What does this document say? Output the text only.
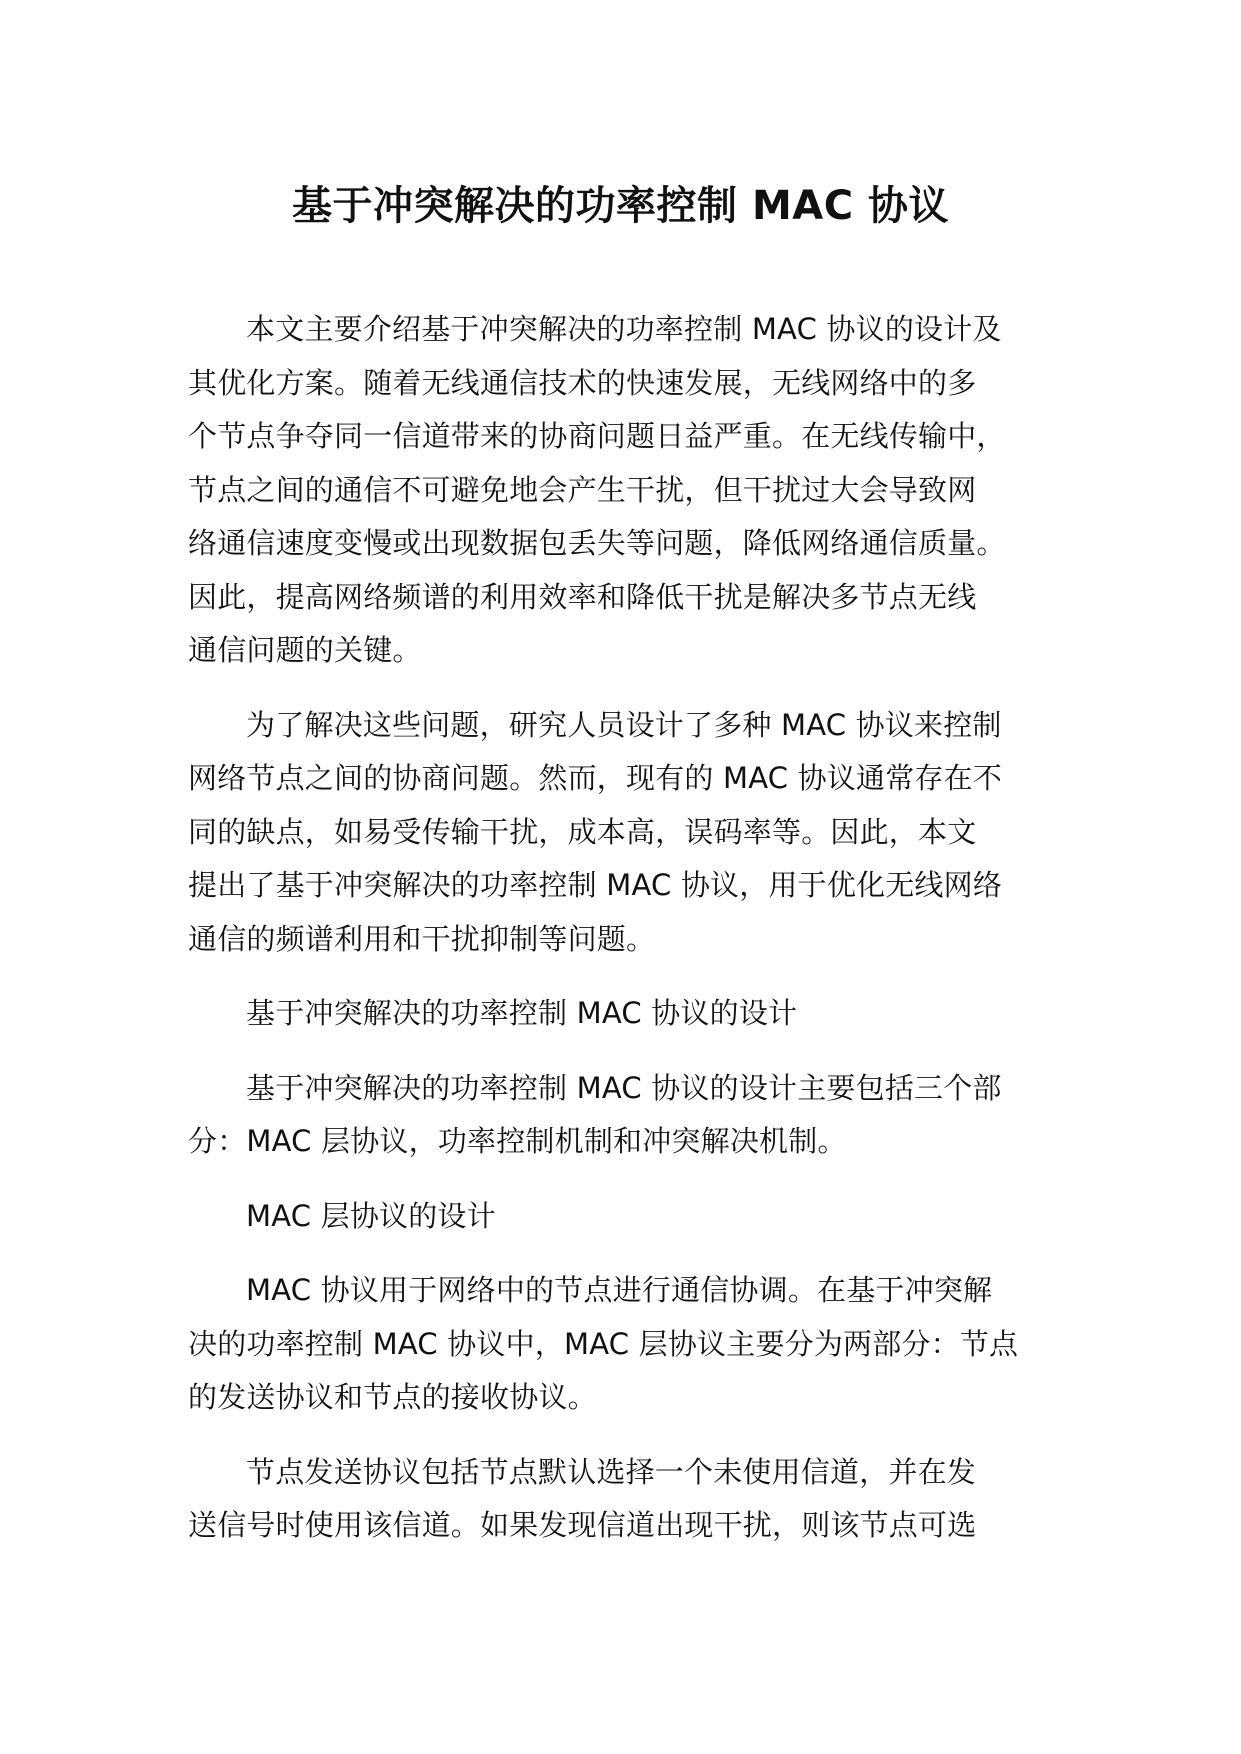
基于冲突解决的功率控制 MAC 协议

本文主要介绍基于冲突解决的功率控制 MAC 协议的设计及
其优化方案。随着无线通信技术的快速发展，无线网络中的多
个节点争夺同一信道带来的协商问题日益严重。在无线传输中，
节点之间的通信不可避免地会产生干扰，但干扰过大会导致网
络通信速度变慢或出现数据包丢失等问题，降低网络通信质量。
因此，提高网络频谱的利用效率和降低干扰是解决多节点无线
通信问题的关键。

为了解决这些问题，研究人员设计了多种 MAC 协议来控制
网络节点之间的协商问题。然而，现有的 MAC 协议通常存在不
同的缺点，如易受传输干扰，成本高，误码率等。因此，本文
提出了基于冲突解决的功率控制 MAC 协议，用于优化无线网络
通信的频谱利用和干扰抑制等问题。

基于冲突解决的功率控制 MAC 协议的设计

基于冲突解决的功率控制 MAC 协议的设计主要包括三个部
分：MAC 层协议，功率控制机制和冲突解决机制。

MAC 层协议的设计

MAC 协议用于网络中的节点进行通信协调。在基于冲突解
决的功率控制 MAC 协议中，MAC 层协议主要分为两部分：节点
的发送协议和节点的接收协议。

节点发送协议包括节点默认选择一个未使用信道，并在发
送信号时使用该信道。如果发现信道出现干扰，则该节点可选
